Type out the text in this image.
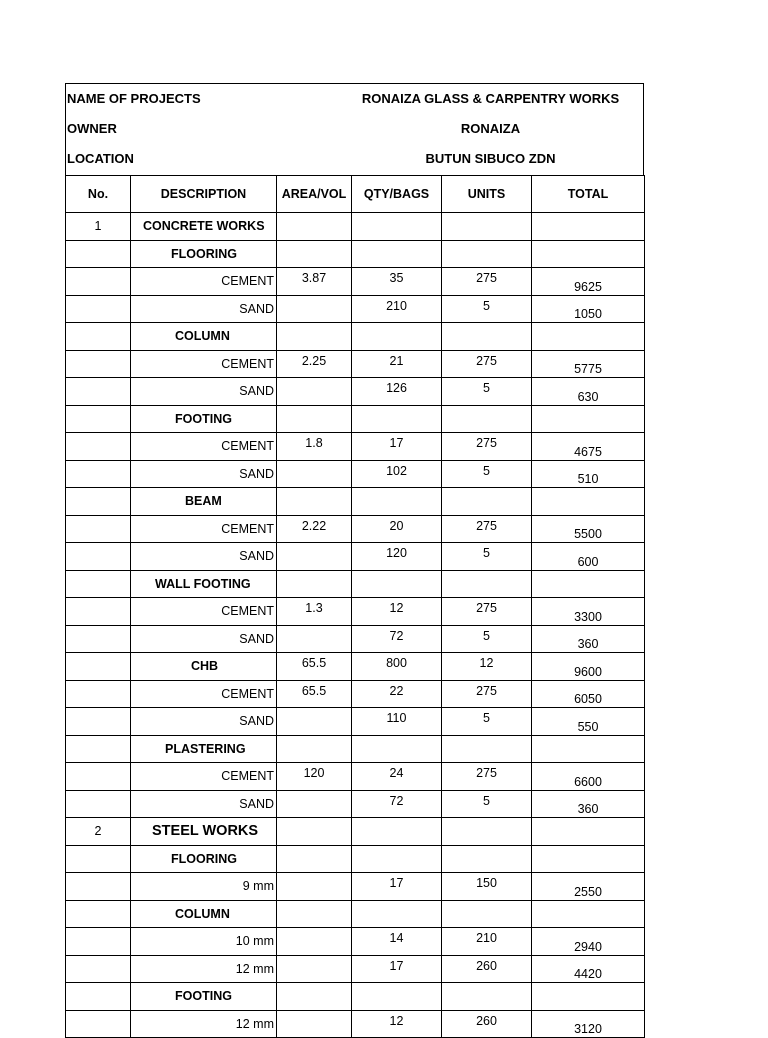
NAME OF PROJECTS	RONAIZA GLASS & CARPENTRY WORKS
OWNER	RONAIZA
LOCATION	BUTUN SIBUCO ZDN
No.	DESCRIPTION	AREA/VOL	QTY/BAGS	UNITS	TOTAL
1	CONCRETE WORKS				
	FLOORING				
	CEMENT	3.87	35	275	9625
	SAND		210	5	1050
	COLUMN				
	CEMENT	2.25	21	275	5775
	SAND		126	5	630
	FOOTING				
	CEMENT	1.8	17	275	4675
	SAND		102	5	510
	BEAM				
	CEMENT	2.22	20	275	5500
	SAND		120	5	600
	WALL FOOTING				
	CEMENT	1.3	12	275	3300
	SAND		72	5	360
	CHB	65.5	800	12	9600
	CEMENT	65.5	22	275	6050
	SAND		110	5	550
	PLASTERING				
	CEMENT	120	24	275	6600
	SAND		72	5	360
2	STEEL WORKS				
	FLOORING				
	9 mm		17	150	2550
	COLUMN				
	10 mm		14	210	2940
	12 mm		17	260	4420
	FOOTING				
	12 mm		12	260	3120
